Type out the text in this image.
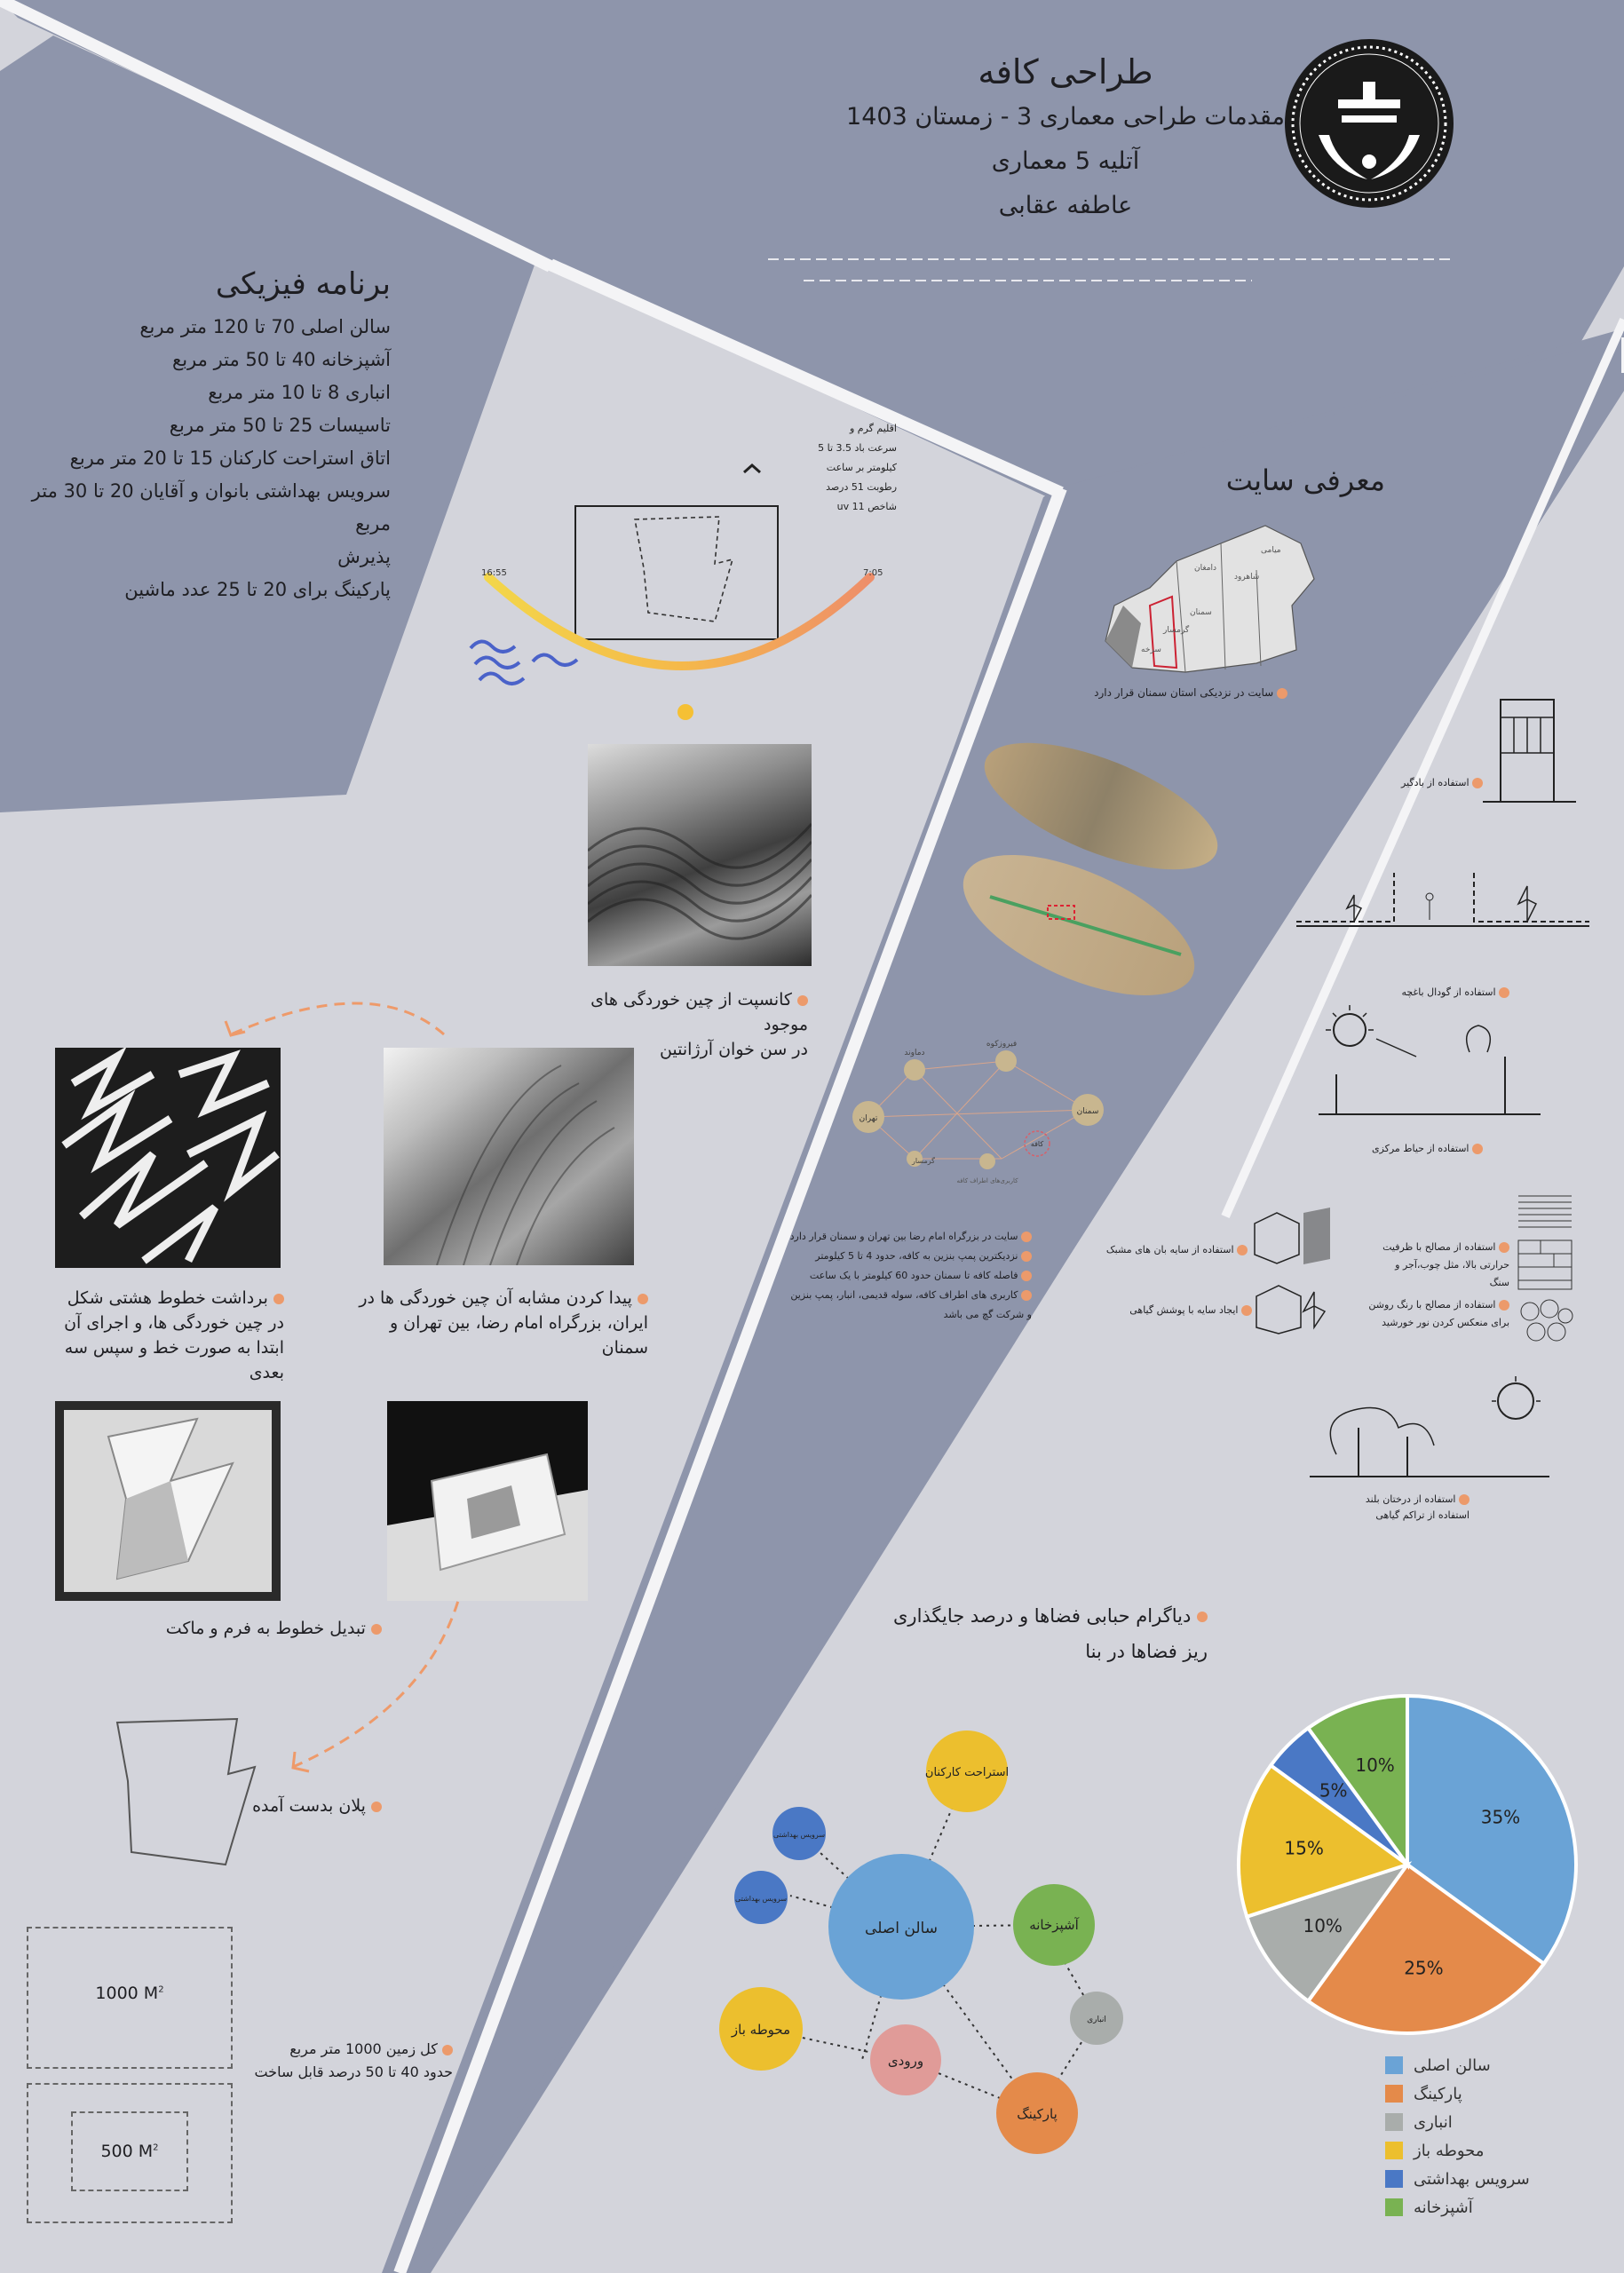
طراحی کافه
مقدمات طراحی معماری 3 - زمستان 1403
آتلیه 5 معماری
عاطفه عقابی
برنامه فیزیکی
سالن اصلی 70 تا 120 متر مربع
آشپزخانه 40 تا 50 متر مربع
انباری 8 تا 10 متر مربع
تاسیسات 25 تا 50 متر مربع
اتاق استراحت کارکنان 15 تا 20 متر مربع
سرویس بهداشتی بانوان و آقایان 20 تا 30 متر مربع
پذیرش
پارکینگ برای 20 تا 25 عدد ماشین
اقلیم گرم و
سرعت باد 3.5 تا 5 کیلومتر بر ساعت
رطوبت 51 درصد
شاخص uv 11
16:55	7:05
کانسپت از چین خوردگی های موجود
در سن خوان آرژانتین
برداشت خطوط هشتی شکل
در چین خوردگی ها، و اجرای آن
ابتدا به صورت خط و سپس سه بعدی
پیدا کردن مشابه آن چین خوردگی ها در
ایران، بزرگراه امام رضا، بین تهران و سمنان
تبدیل خطوط به فرم و ماکت
پلان بدست آمده
1000 $M^2$
500 $M^2$
کل زمین 1000 متر مربع
حدود 40 تا 50 درصد قابل ساخت
معرفی سایت
گرمسار
سمنان
شاهرود
دامغان
میامی
سرخه
سایت در نزدیکی استان سمنان قرار دارد
فیروزکوه
دماوند
تهران
سمنان
کافه
گرمسار
کاربری‌های اطراف کافه
سایت در بزرگراه امام رضا بین تهران و سمنان قرار دارد
نزدیکترین پمپ بنزین به کافه، حدود 4 تا 5 کیلومتر
فاصله کافه تا سمنان حدود 60 کیلومتر با یک ساعت
کاربری های اطراف کافه، سوله قدیمی، انبار، پمپ بنزین
و شرکت گچ می باشد
استفاده از بادگیر
استفاده از گودال باغچه
استفاده از حیاط مرکزی
استفاده از سایه بان های مشبک
ایجاد سایه با پوشش گیاهی
استفاده از مصالح با ظرفیت
حرارتی بالا، مثل چوب،آجر و
سنگ
استفاده از مصالح با رنگ روشن
برای منعکس کردن نور خورشید
استفاده از درختان بلند
استفاده از تراکم گیاهی
دیاگرام حبابی فضاها و درصد جایگذاری
ریز فضاها در بنا
سالن اصلی
استراحت کارکنان
سرویس بهداشتی
سرویس بهداشتی
آشپزخانه
انباری
محوطه باز
ورودی
پارکینگ
35%
25%
10%
15%
5%
10%
سالن اصلی
پارکینگ
انباری
محوطه باز
سرویس بهداشتی
آشپزخانه
